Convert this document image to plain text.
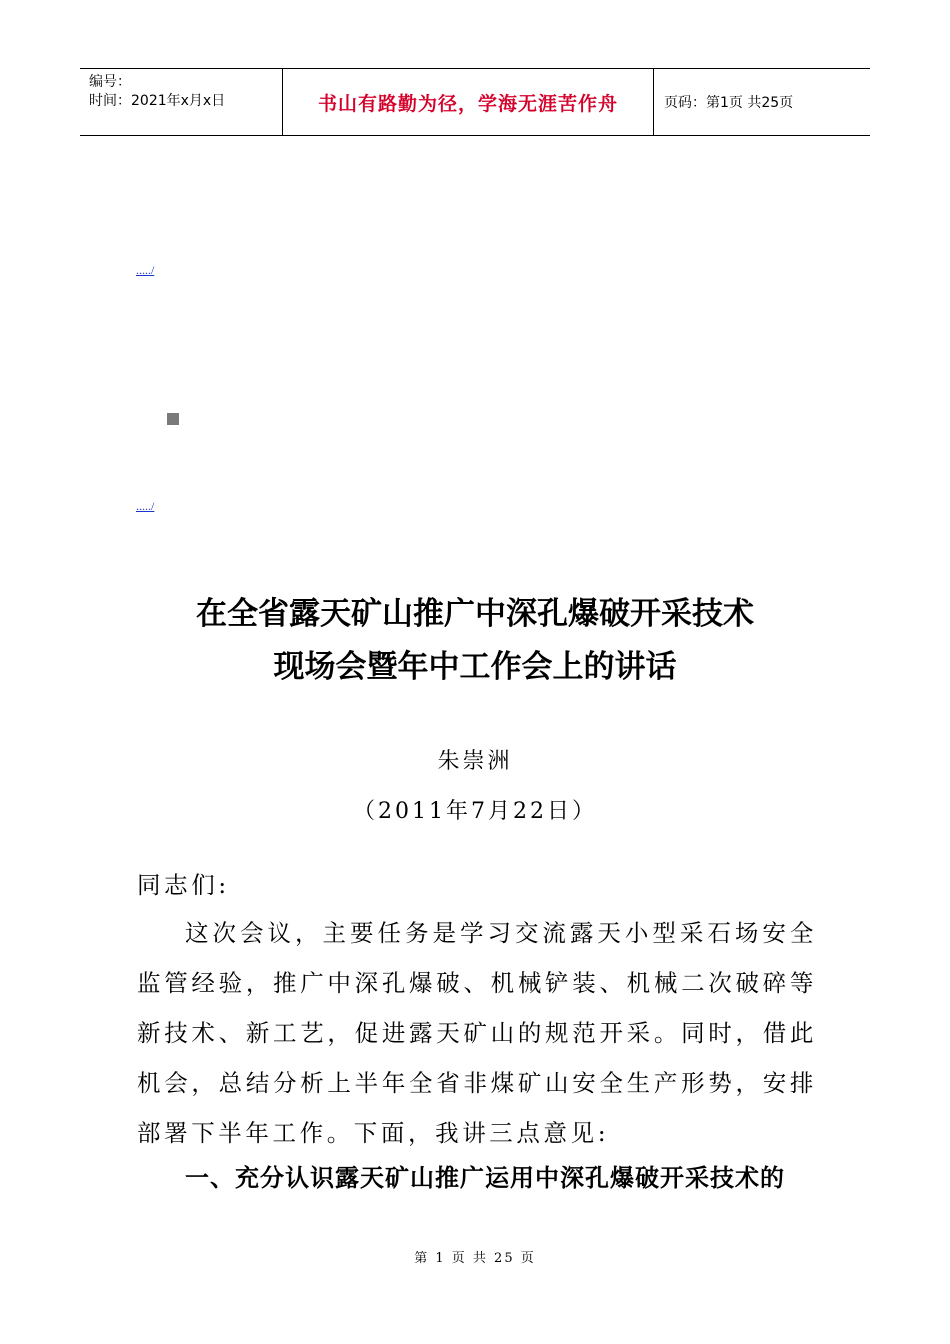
编号：
时间：2021年x月x日	书山有路勤为径，学海无涯苦作舟	页码：第1页 共25页
...../
...../
在全省露天矿山推广中深孔爆破开采技术
现场会暨年中工作会上的讲话
朱崇洲
（2011年7月22日）
同志们:
这次会议，主要任务是学习交流露天小型采石场安全监管经验，推广中深孔爆破、机械铲装、机械二次破碎等新技术、新工艺，促进露天矿山的规范开采。同时，借此机会，总结分析上半年全省非煤矿山安全生产形势，安排部署下半年工作。下面，我讲三点意见:
一、充分认识露天矿山推广运用中深孔爆破开采技术的
第 1 页 共 25 页
